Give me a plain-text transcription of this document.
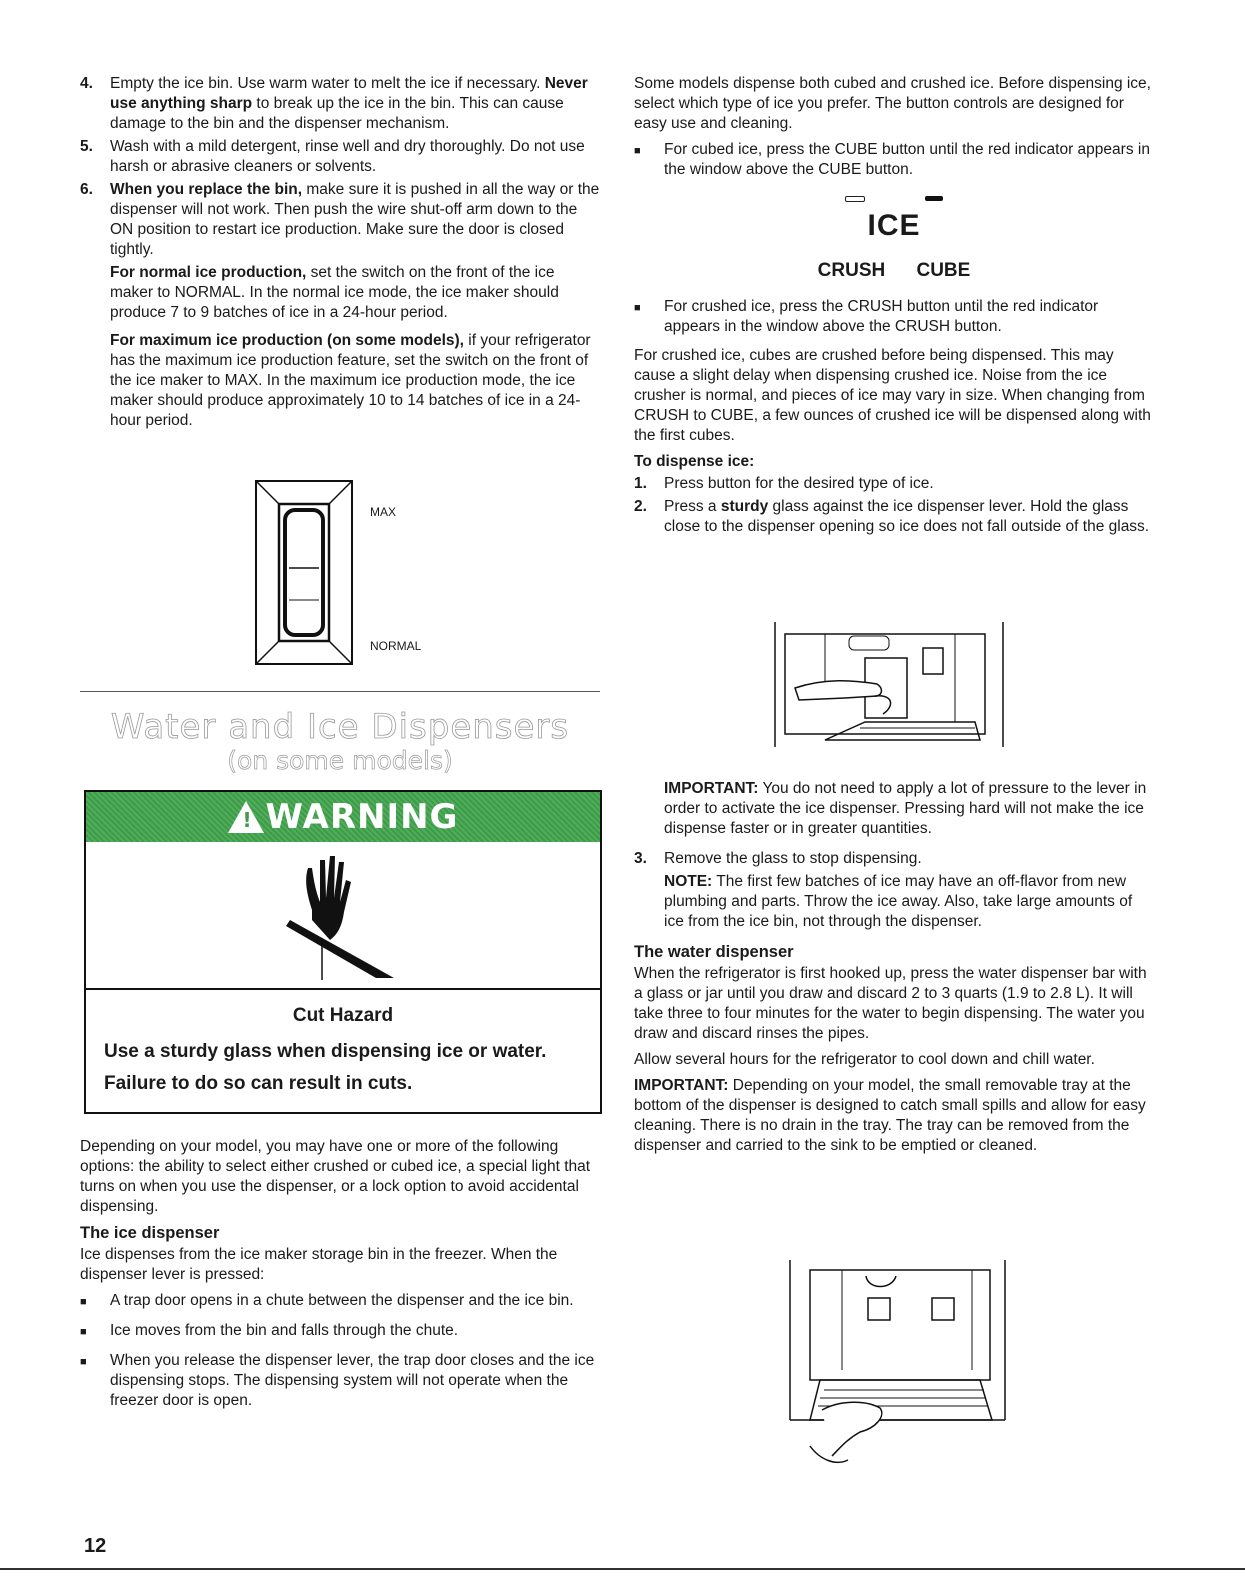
4.	Empty the ice bin. Use warm water to melt the ice if necessary. Never use anything sharp to break up the ice in the bin. This can cause damage to the bin and the dispenser mechanism.
5.	Wash with a mild detergent, rinse well and dry thoroughly. Do not use harsh or abrasive cleaners or solvents.
6.	When you replace the bin, make sure it is pushed in all the way or the dispenser will not work. Then push the wire shut-off arm down to the ON position to restart ice production. Make sure the door is closed tightly.

For normal ice production, set the switch on the front of the ice maker to NORMAL. In the normal ice mode, the ice maker should produce 7 to 9 batches of ice in a 24-hour period.

For maximum ice production (on some models), if your refrigerator has the maximum ice production feature, set the switch on the front of the ice maker to MAX. In the maximum ice production mode, the ice maker should produce approximately 10 to 14 batches of ice in a 24-hour period.

MAX
NORMAL
Water and Ice Dispensers
(on some models)
! WARNING
Cut Hazard
Use a sturdy glass when dispensing ice or water.
Failure to do so can result in cuts.

Depending on your model, you may have one or more of the following options: the ability to select either crushed or cubed ice, a special light that turns on when you use the dispenser, or a lock option to avoid accidental dispensing.

The ice dispenser

Ice dispenses from the ice maker storage bin in the freezer. When the dispenser lever is pressed:

■	A trap door opens in a chute between the dispenser and the ice bin.
■	Ice moves from the bin and falls through the chute.
■	When you release the dispenser lever, the trap door closes and the ice dispensing stops. The dispensing system will not operate when the freezer door is open.

Some models dispense both cubed and crushed ice. Before dispensing ice, select which type of ice you prefer. The button controls are designed for easy use and cleaning.

■	For cubed ice, press the CUBE button until the red indicator appears in the window above the CUBE button.
ICE
CRUSH CUBE
■	For crushed ice, press the CRUSH button until the red indicator appears in the window above the CRUSH button.

For crushed ice, cubes are crushed before being dispensed. This may cause a slight delay when dispensing crushed ice. Noise from the ice crusher is normal, and pieces of ice may vary in size. When changing from CRUSH to CUBE, a few ounces of crushed ice will be dispensed along with the first cubes.

To dispense ice:
1.	Press button for the desired type of ice.
2.	Press a sturdy glass against the ice dispenser lever. Hold the glass close to the dispenser opening so ice does not fall outside of the glass.

IMPORTANT: You do not need to apply a lot of pressure to the lever in order to activate the ice dispenser. Pressing hard will not make the ice dispense faster or in greater quantities.

3.	Remove the glass to stop dispensing.

NOTE: The first few batches of ice may have an off-flavor from new plumbing and parts. Throw the ice away. Also, take large amounts of ice from the ice bin, not through the dispenser.

The water dispenser

When the refrigerator is first hooked up, press the water dispenser bar with a glass or jar until you draw and discard 2 to 3 quarts (1.9 to 2.8 L). It will take three to four minutes for the water to begin dispensing. The water you draw and discard rinses the pipes.

Allow several hours for the refrigerator to cool down and chill water.

IMPORTANT: Depending on your model, the small removable tray at the bottom of the dispenser is designed to catch small spills and allow for easy cleaning. There is no drain in the tray. The tray can be removed from the dispenser and carried to the sink to be emptied or cleaned.

12
